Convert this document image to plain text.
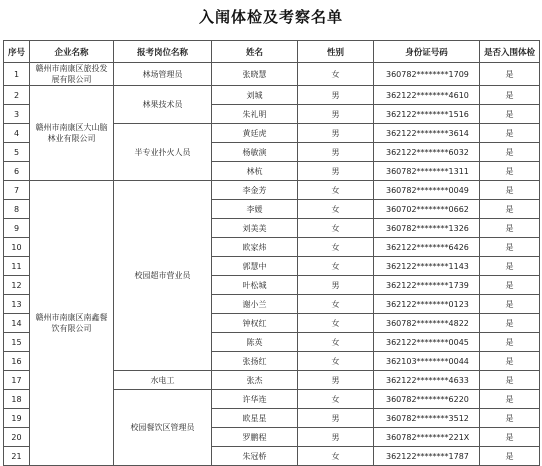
入闱体检及考察名单
序号	企业名称	报考岗位名称	姓名	性别	身份证号码	是否入围体检
1	赣州市南康区旅投发展有限公司	林场管理员	张晓慧	女	360782********1709	是
2	赣州市南康区大山脑林业有限公司	林果技术员	刘城	男	362122********4610	是
3			朱礼明	男	362122********1516	是
4		半专业扑火人员	黄廷虎	男	362122********3614	是
5			杨敏演	男	362122********6032	是
6			林杭	男	360782********1311	是
7	赣州市南康区南鑫餐饮有限公司	校园超市营业员	李金芳	女	360782********0049	是
8			李媛	女	360702********0662	是
9			刘美美	女	360782********1326	是
10			欧家炜	女	362122********6426	是
11			郭慧中	女	362122********1143	是
12			叶松城	男	362122********1739	是
13			谢小兰	女	362122********0123	是
14			钟权红	女	360782********4822	是
15			陈英	女	362122********0045	是
16			张扬红	女	362103********0044	是
17		水电工	张杰	男	362122********4633	是
18		校园餐饮区管理员	许华连	女	360782********6220	是
19			欧星星	男	360782********3512	是
20			罗鹏程	男	360782********221X	是
21			朱冠桥	女	362122********1787	是
